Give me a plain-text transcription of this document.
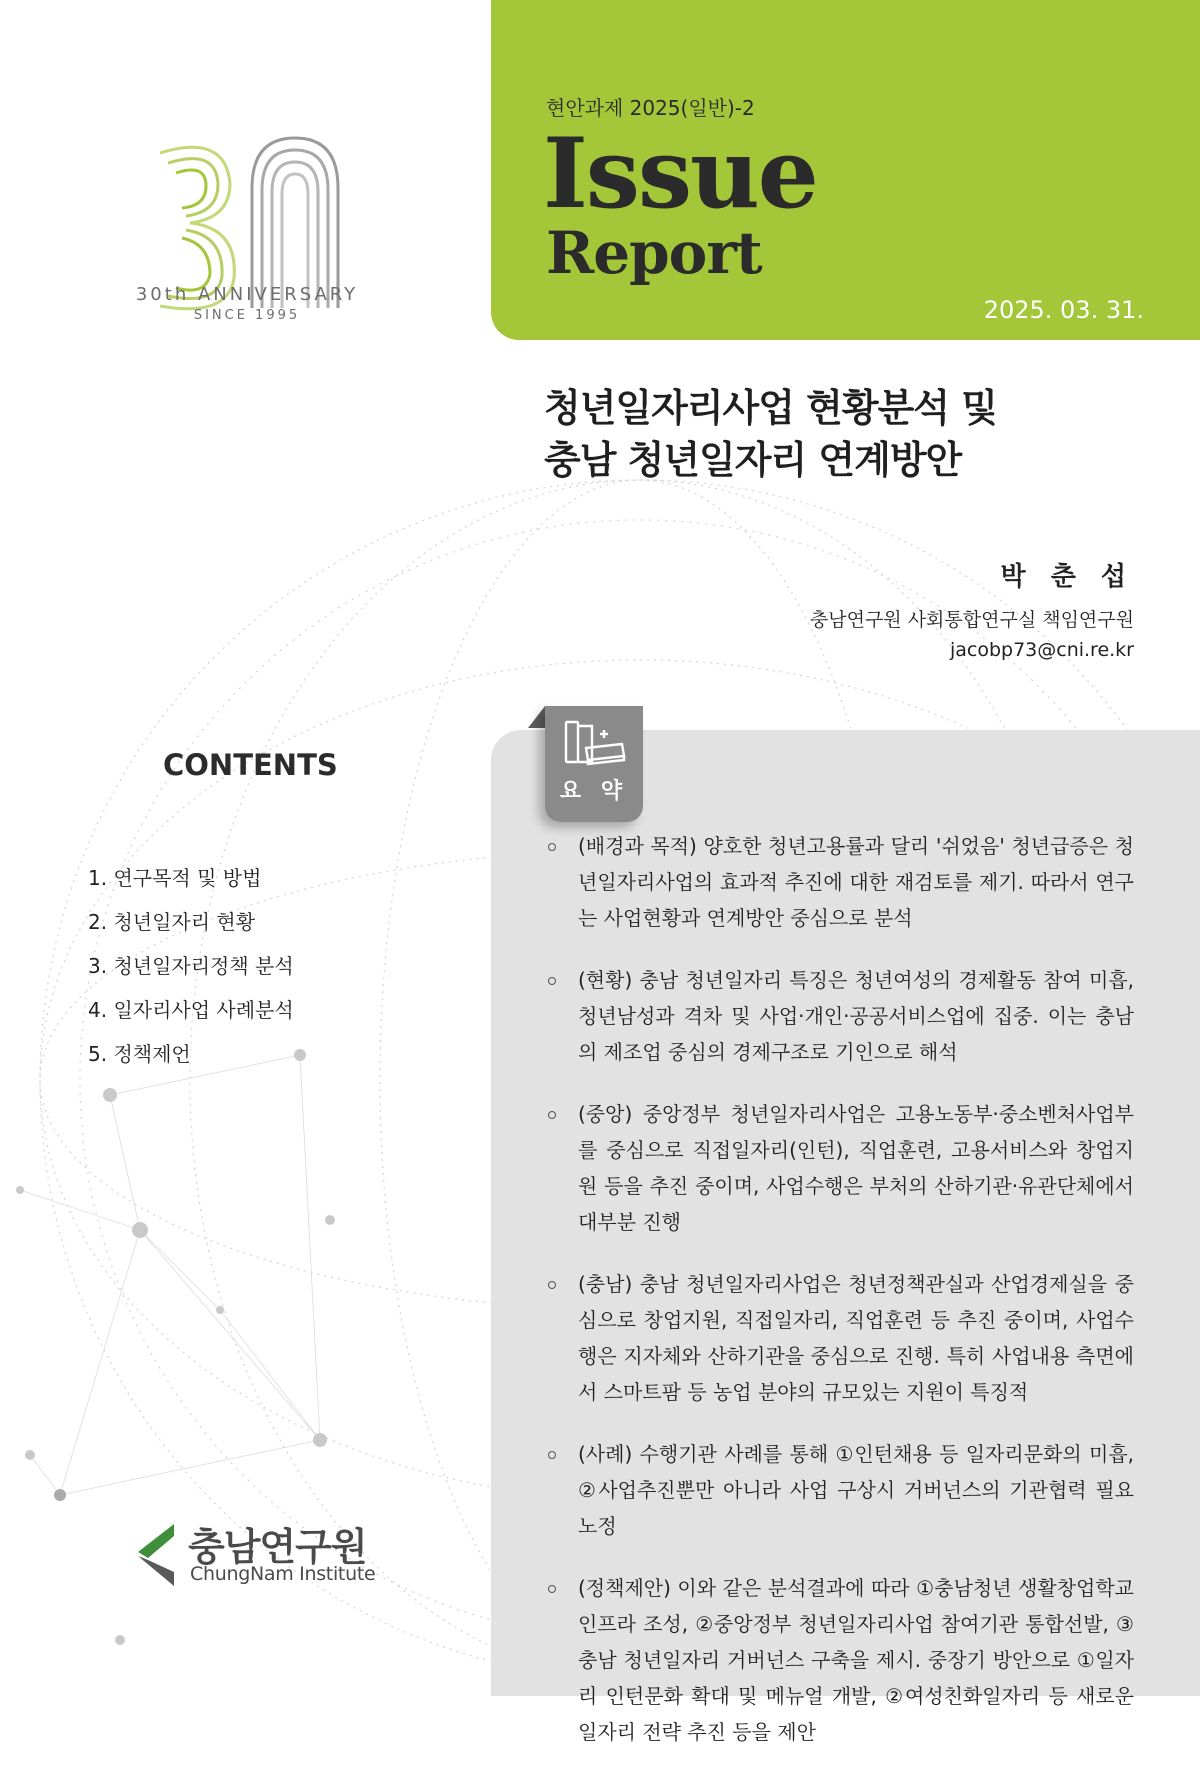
30th ANNIVERSARY
SINCE 1995
현안과제 2025(일반)-2
Issue
Report
2025. 03. 31.
청년일자리사업 현황분석 및
충남 청년일자리 연계방안
박 춘 섭
충남연구원 사회통합연구실 책임연구원
jacobp73@cni.re.kr
CONTENTS
1. 연구목적 및 방법
2. 청년일자리 현황
3. 청년일자리정책 분석
4. 일자리사업 사례분석
5. 정책제언
요 약
(배경과 목적) 양호한 청년고용률과 달리 '쉬었음' 청년급증은 청년일자리사업의 효과적 추진에 대한 재검토를 제기. 따라서 연구는 사업현황과 연계방안 중심으로 분석
(현황) 충남 청년일자리 특징은 청년여성의 경제활동 참여 미흡, 청년남성과 격차 및 사업·개인·공공서비스업에 집중. 이는 충남의 제조업 중심의 경제구조로 기인으로 해석
(중앙) 중앙정부 청년일자리사업은 고용노동부·중소벤처사업부를 중심으로 직접일자리(인턴), 직업훈련, 고용서비스와 창업지원 등을 추진 중이며, 사업수행은 부처의 산하기관·유관단체에서 대부분 진행
(충남) 충남 청년일자리사업은 청년정책관실과 산업경제실을 중심으로 창업지원, 직접일자리, 직업훈련 등 추진 중이며, 사업수행은 지자체와 산하기관을 중심으로 진행. 특히 사업내용 측면에서 스마트팜 등 농업 분야의 규모있는 지원이 특징적
(사례) 수행기관 사례를 통해 ①인턴채용 등 일자리문화의 미흡, ②사업추진뿐만 아니라 사업 구상시 거버넌스의 기관협력 필요 노정
(정책제안) 이와 같은 분석결과에 따라 ①충남청년 생활창업학교 인프라 조성, ②중앙정부 청년일자리사업 참여기관 통합선발, ③충남 청년일자리 거버넌스 구축을 제시. 중장기 방안으로 ①일자리 인턴문화 확대 및 메뉴얼 개발, ②여성친화일자리 등 새로운 일자리 전략 추진 등을 제안
충남연구원
ChungNam Institute
